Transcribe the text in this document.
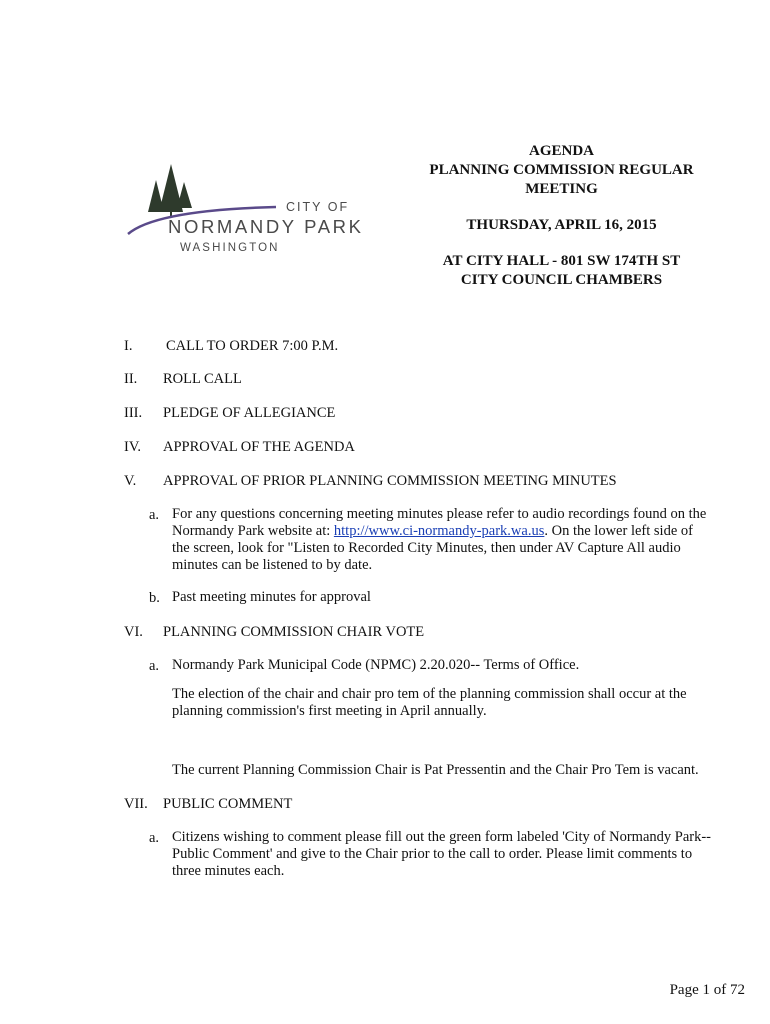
CITY OF
NORMANDY PARK
WASHINGTON
AGENDA
PLANNING COMMISSION REGULAR
MEETING
THURSDAY, APRIL 16, 2015
AT CITY HALL - 801 SW 174TH ST
CITY COUNCIL CHAMBERS
I. CALL TO ORDER 7:00 P.M.
II. ROLL CALL
III. PLEDGE OF ALLEGIANCE
IV. APPROVAL OF THE AGENDA
V. APPROVAL OF PRIOR PLANNING COMMISSION MEETING MINUTES
a. For any questions concerning meeting minutes please refer to audio recordings found on the Normandy Park website at: http://www.ci-normandy-park.wa.us. On the lower left side of the screen, look for "Listen to Recorded City Minutes, then under AV Capture All audio minutes can be listened to by date.
b. Past meeting minutes for approval
VI. PLANNING COMMISSION CHAIR VOTE
a. Normandy Park Municipal Code (NPMC) 2.20.020-- Terms of Office.
The election of the chair and chair pro tem of the planning commission shall occur at the planning commission's first meeting in April annually.
The current Planning Commission Chair is Pat Pressentin and the Chair Pro Tem is vacant.
VII. PUBLIC COMMENT
a. Citizens wishing to comment please fill out the green form labeled 'City of Normandy Park--Public Comment' and give to the Chair prior to the call to order. Please limit comments to three minutes each.
Page 1 of 72
